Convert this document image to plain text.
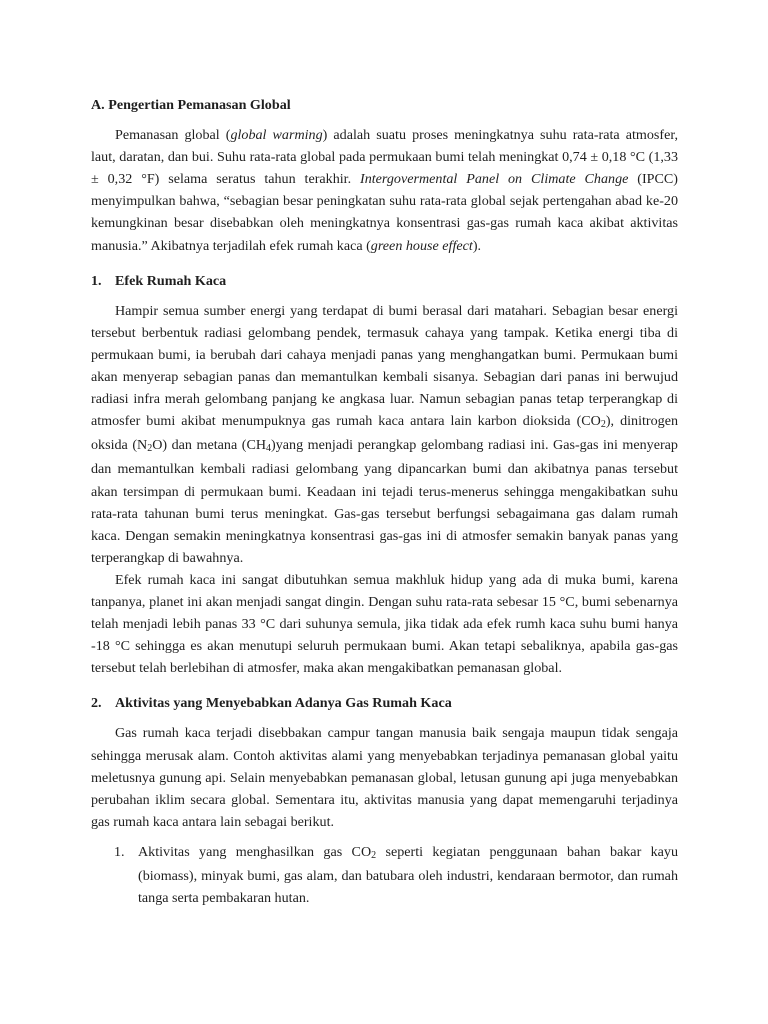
A. Pengertian Pemanasan Global

Pemanasan global (global warming) adalah suatu proses meningkatnya suhu rata-rata atmosfer, laut, daratan, dan bui. Suhu rata-rata global pada permukaan bumi telah meningkat 0,74 ± 0,18 °C (1,33 ± 0,32 °F) selama seratus tahun terakhir. Intergovermental Panel on Climate Change (IPCC) menyimpulkan bahwa, “sebagian besar peningkatan suhu rata-rata global sejak pertengahan abad ke-20 kemungkinan besar disebabkan oleh meningkatnya konsentrasi gas-gas rumah kaca akibat aktivitas manusia.” Akibatnya terjadilah efek rumah kaca (green house effect).

1. Efek Rumah Kaca

Hampir semua sumber energi yang terdapat di bumi berasal dari matahari. Sebagian besar energi tersebut berbentuk radiasi gelombang pendek, termasuk cahaya yang tampak. Ketika energi tiba di permukaan bumi, ia berubah dari cahaya menjadi panas yang menghangatkan bumi. Permukaan bumi akan menyerap sebagian panas dan memantulkan kembali sisanya. Sebagian dari panas ini berwujud radiasi infra merah gelombang panjang ke angkasa luar. Namun sebagian panas tetap terperangkap di atmosfer bumi akibat menumpuknya gas rumah kaca antara lain karbon dioksida (CO2), dinitrogen oksida (N2O) dan metana (CH4)yang menjadi perangkap gelombang radiasi ini. Gas-gas ini menyerap dan memantulkan kembali radiasi gelombang yang dipancarkan bumi dan akibatnya panas tersebut akan tersimpan di permukaan bumi. Keadaan ini tejadi terus-menerus sehingga mengakibatkan suhu rata-rata tahunan bumi terus meningkat. Gas-gas tersebut berfungsi sebagaimana gas dalam rumah kaca. Dengan semakin meningkatnya konsentrasi gas-gas ini di atmosfer semakin banyak panas yang terperangkap di bawahnya.

Efek rumah kaca ini sangat dibutuhkan semua makhluk hidup yang ada di muka bumi, karena tanpanya, planet ini akan menjadi sangat dingin. Dengan suhu rata-rata sebesar 15 °C, bumi sebenarnya telah menjadi lebih panas 33 °C dari suhunya semula, jika tidak ada efek rumh kaca suhu bumi hanya -18 °C sehingga es akan menutupi seluruh permukaan bumi. Akan tetapi sebaliknya, apabila gas-gas tersebut telah berlebihan di atmosfer, maka akan mengakibatkan pemanasan global.

2. Aktivitas yang Menyebabkan Adanya Gas Rumah Kaca

Gas rumah kaca terjadi disebbakan campur tangan manusia baik sengaja maupun tidak sengaja sehingga merusak alam. Contoh aktivitas alami yang menyebabkan terjadinya pemanasan global yaitu meletusnya gunung api. Selain menyebabkan pemanasan global, letusan gunung api juga menyebabkan perubahan iklim secara global. Sementara itu, aktivitas manusia yang dapat memengaruhi terjadinya gas rumah kaca antara lain sebagai berikut.

1. Aktivitas yang menghasilkan gas CO2 seperti kegiatan penggunaan bahan bakar kayu (biomass), minyak bumi, gas alam, dan batubara oleh industri, kendaraan bermotor, dan rumah tanga serta pembakaran hutan.
